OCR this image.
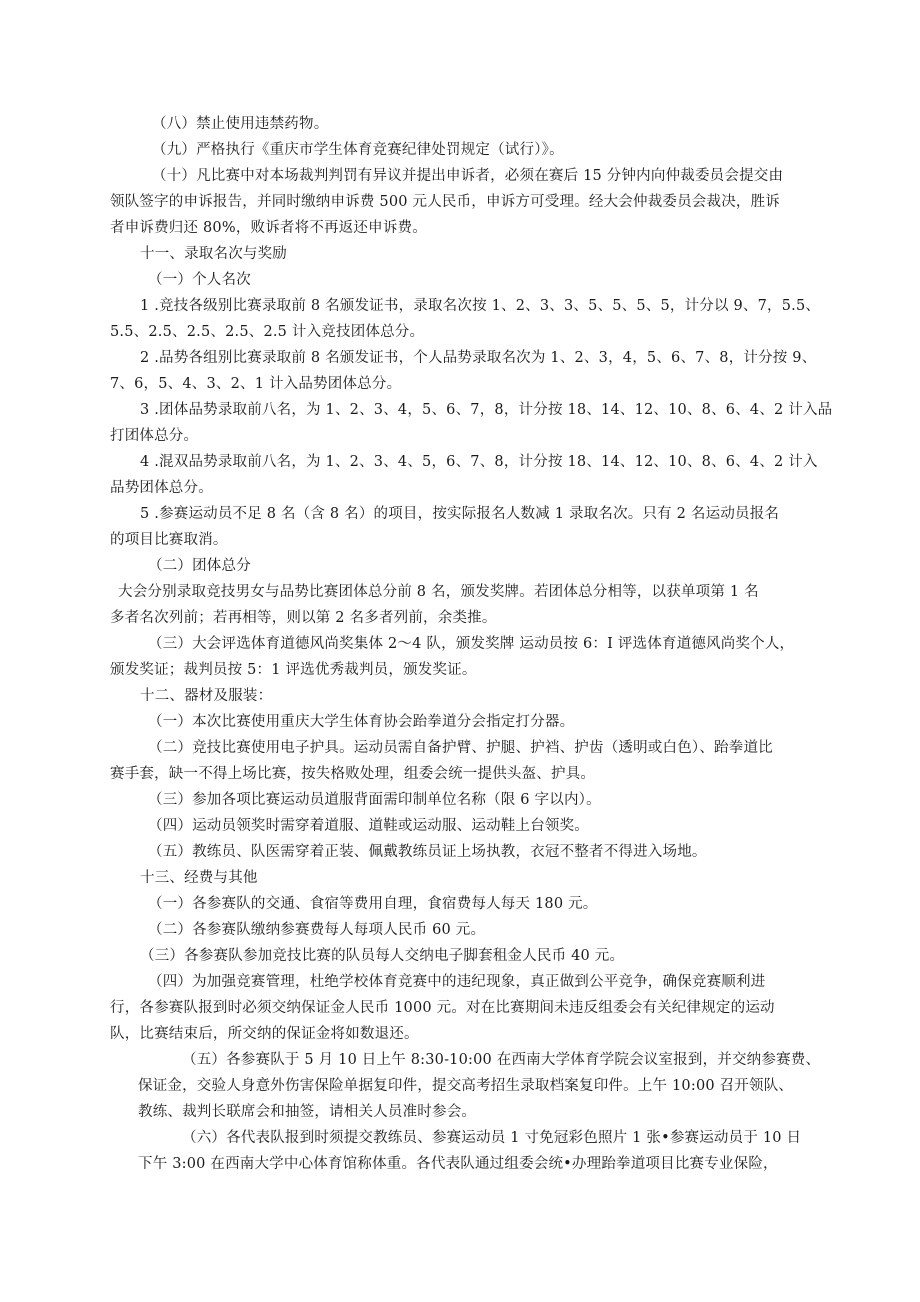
（八）禁止使用违禁药物。
（九）严格执行《重庆市学生体育竞赛纪律处罚规定（试行）》。
（十）凡比赛中对本场裁判判罚有异议并提出申诉者，必须在赛后 15 分钟内向仲裁委员会提交由
领队签字的申诉报告，并同时缴纳申诉费 500 元人民币，申诉方可受理。经大会仲裁委员会裁决，胜诉
者申诉费归还 80%，败诉者将不再返还申诉费。
十一、录取名次与奖励
（一）个人名次
1 .竞技各级别比赛录取前 8 名颁发证书，录取名次按 1、2、3、3、5、5、5、5，计分以 9、7，5.5、
5.5、2.5、2.5、2.5、2.5 计入竞技团体总分。
2 .品势各组别比赛录取前 8 名颁发证书，个人品势录取名次为 1、2、3，4，5、6、7、8，计分按 9、
7、6，5、4、3、2、1 计入品势团体总分。
3 .团体品势录取前八名，为 1、2、3、4，5、6、7，8，计分按 18、14、12、10、8、6、4、2 计入品
打团体总分。
4 .混双品势录取前八名，为 1、2、3、4、5，6、7、8，计分按 18、14、12、10、8、6、4、2 计入
品势团体总分。
5 .参赛运动员不足 8 名（含 8 名）的项目，按实际报名人数减 1 录取名次。只有 2 名运动员报名
的项目比赛取消。
（二）团体总分
大会分别录取竞技男女与品势比赛团体总分前 8 名，颁发奖牌。若团体总分相等，以获单项第 1 名
多者名次列前；若再相等，则以第 2 名多者列前，余类推。
（三）大会评选体育道德风尚奖集体 2～4 队，颁发奖牌 运动员按 6：I 评选体育道德风尚奖个人，
颁发奖证；裁判员按 5：1 评选优秀裁判员，颁发奖证。
十二、器材及服装：
（一）本次比赛使用重庆大学生体育协会跆拳道分会指定打分器。
（二）竞技比赛使用电子护具。运动员需自备护臂、护腿、护裆、护齿（透明或白色）、跆拳道比
赛手套，缺一不得上场比赛，按失格败处理，组委会统一提供头盔、护具。
（三）参加各项比赛运动员道服背面需印制单位名称（限 6 字以内）。
（四）运动员领奖时需穿着道服、道鞋或运动服、运动鞋上台领奖。
（五）教练员、队医需穿着正装、佩戴教练员证上场执教，衣冠不整者不得进入场地。
十三、经费与其他
（一）各参赛队的交通、食宿等费用自理，食宿费每人每天 180 元。
（二）各参赛队缴纳参赛费每人每项人民币 60 元。
（三）各参赛队参加竞技比赛的队员每人交纳电子脚套租金人民币 40 元。
（四）为加强竞赛管理，杜绝学校体育竞赛中的违纪现象，真正做到公平竞争，确保竞赛顺利进
行，各参赛队报到时必须交纳保证金人民币 1000 元。对在比赛期间未违反组委会有关纪律规定的运动
队，比赛结束后，所交纳的保证金将如数退还。
（五）各参赛队于 5 月 10 日上午 8:30-10:00 在西南大学体育学院会议室报到，并交纳参赛费、
保证金，交验人身意外伤害保险单据复印件，提交高考招生录取档案复印件。上午 10:00 召开领队、
教练、裁判长联席会和抽签，请相关人员准时参会。
（六）各代表队报到时须提交教练员、参赛运动员 1 寸免冠彩色照片 1 张•参赛运动员于 10 日
下午 3:00 在西南大学中心体育馆称体重。各代表队通过组委会统•办理跆拳道项目比赛专业保险，
